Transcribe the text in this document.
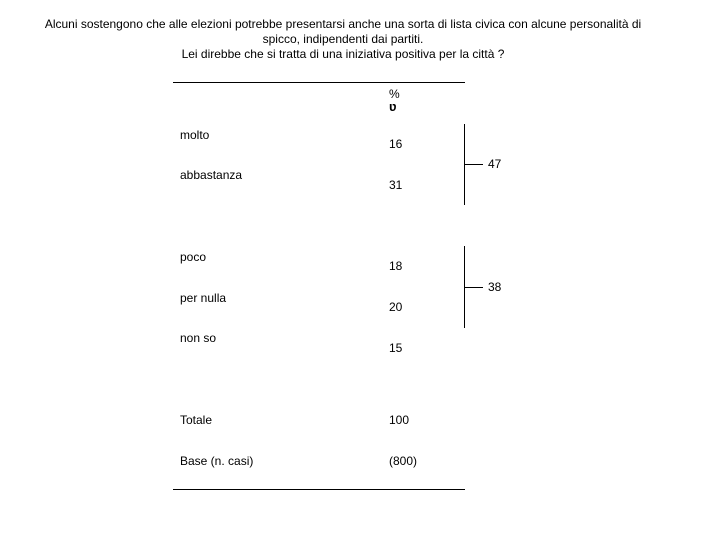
Alcuni sostengono che alle elezioni potrebbe presentarsi anche una sorta di lista civica con alcune personalità di
spicco, indipendenti dai partiti.
Lei direbbe che si tratta di una iniziativa positiva per la città ?
%
ʋ
molto
16
abbastanza
31
poco
18
per nulla
20
non so
15
Totale	100
Base (n. casi)	(800)
47
38
